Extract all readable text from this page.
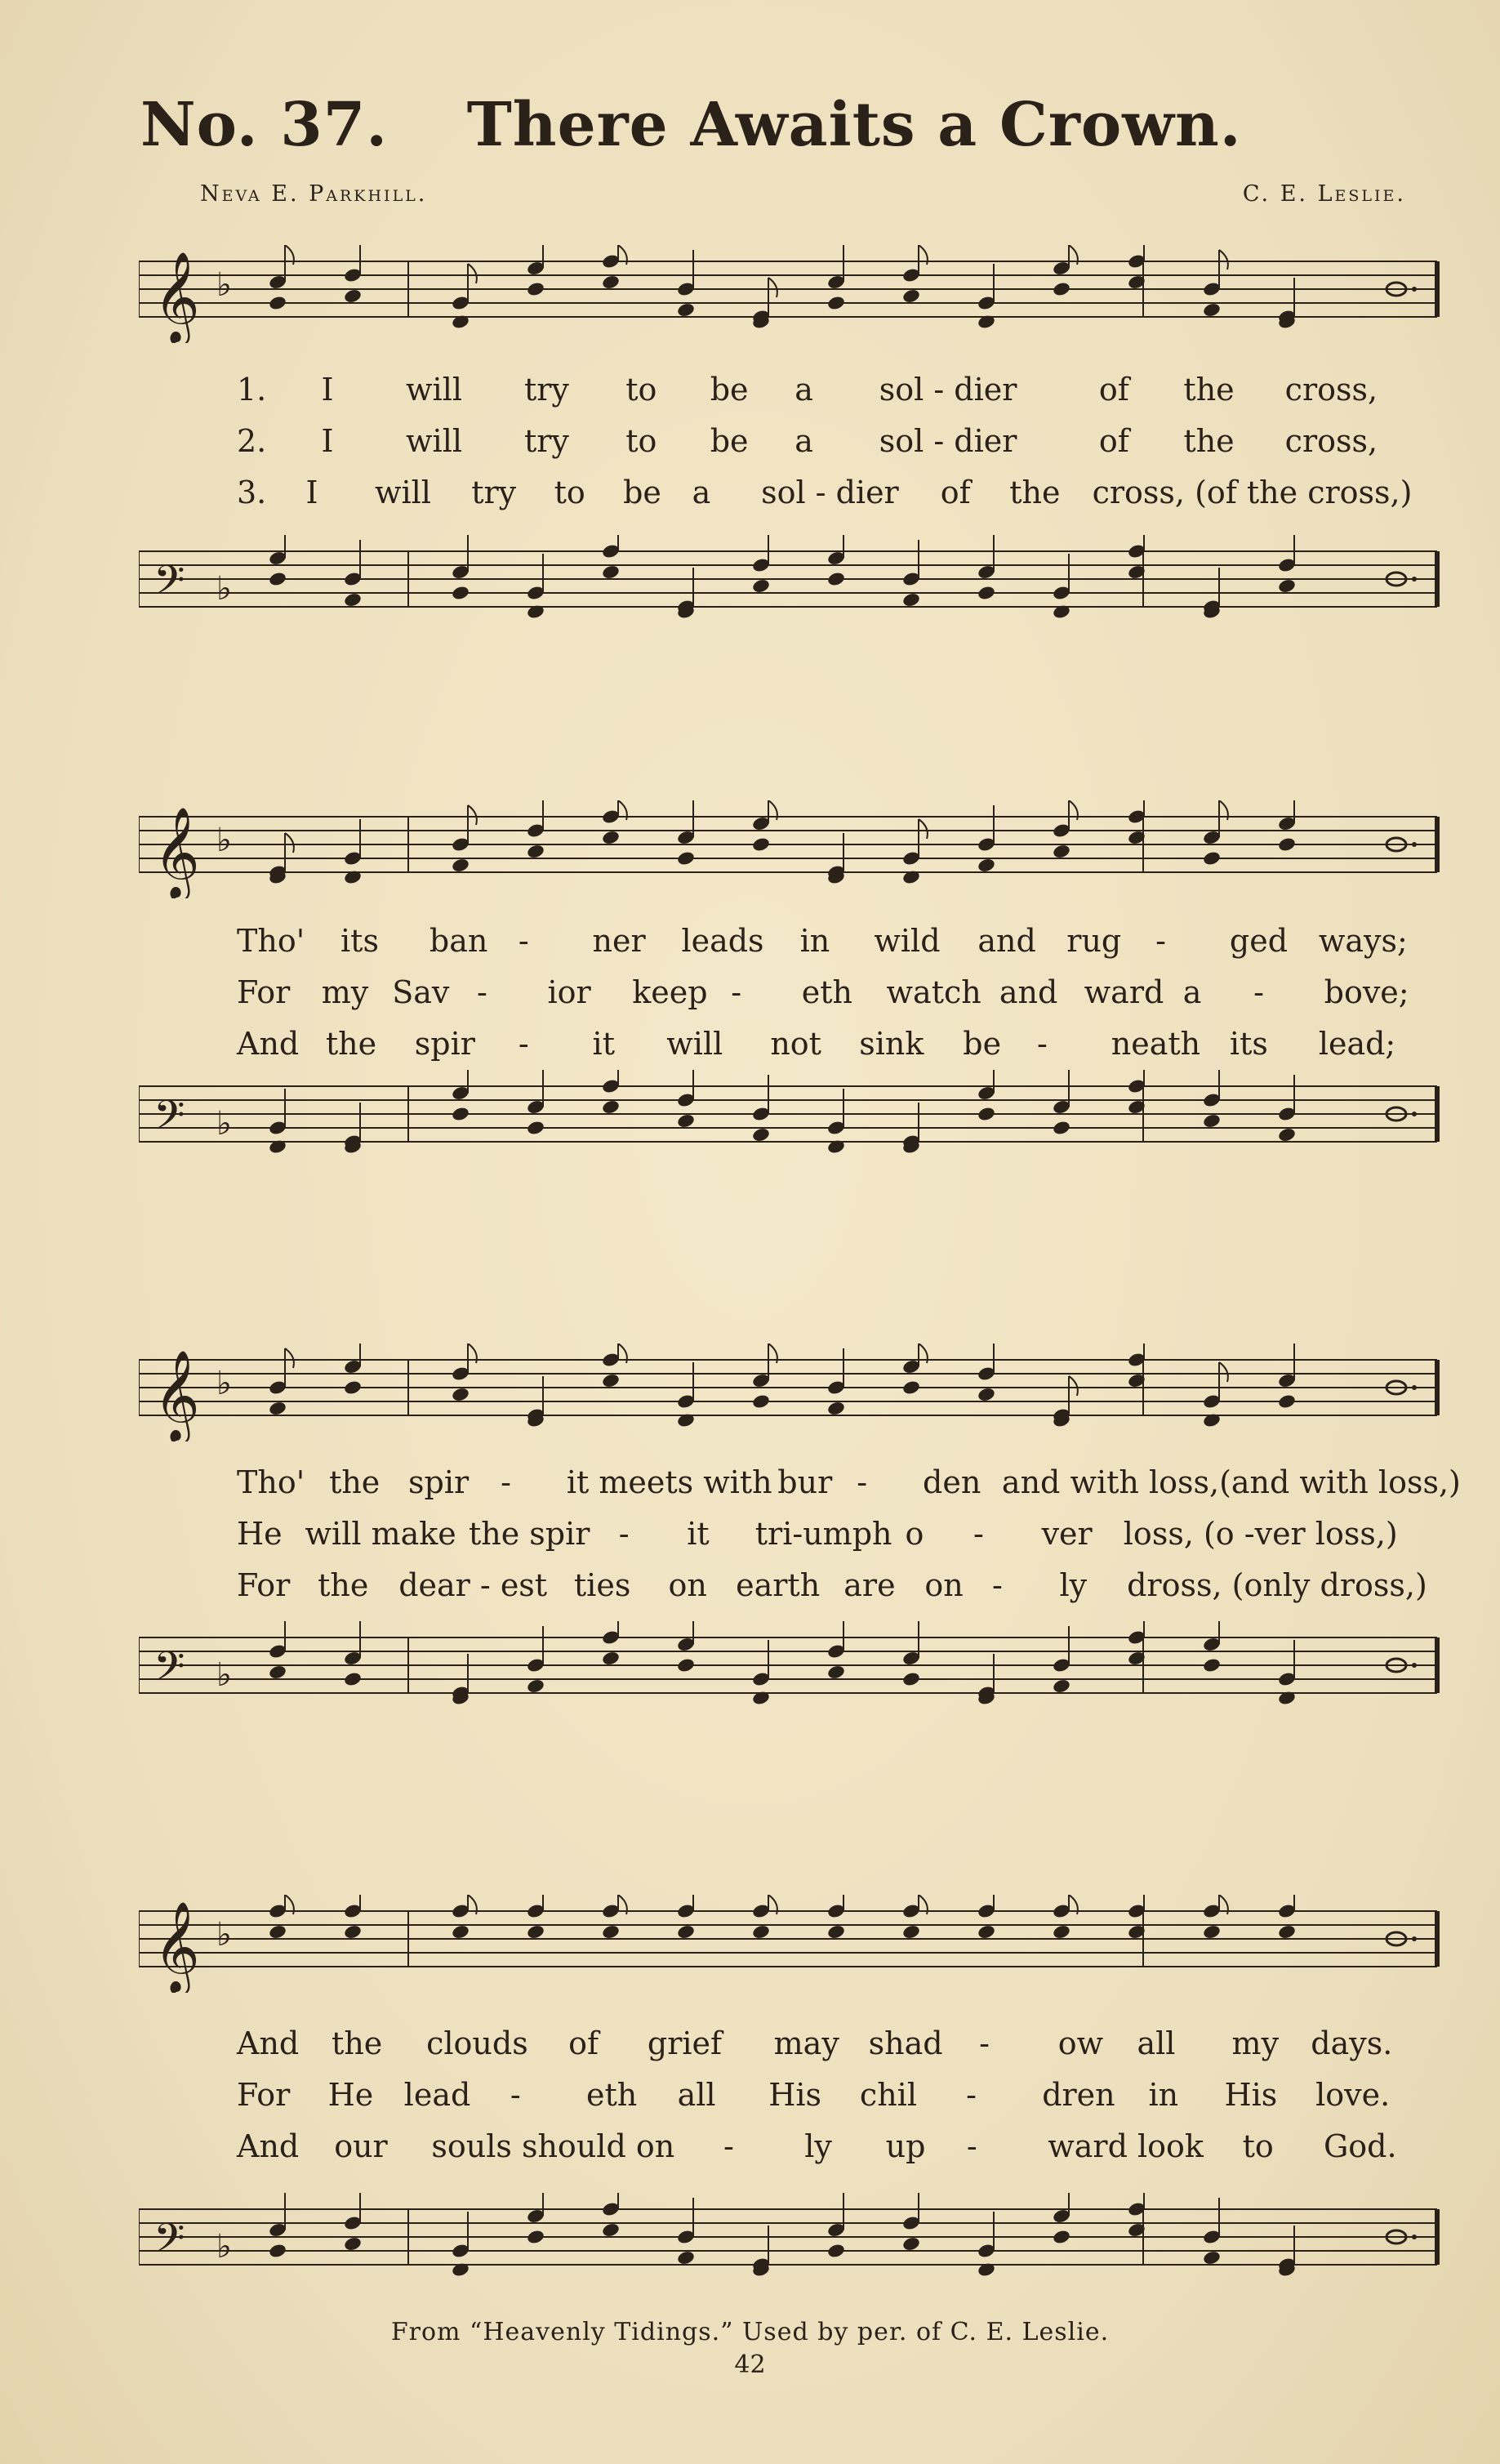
No. 37. There Awaits a Crown.
Neva E. Parkhill.	C. E. Leslie.
𝄞 ♭
1. I will try to be a sol - dier	of the cross,
2. I will try to be a sol - dier	of the cross,
3. I will try to be a sol - dier of the cross, (of the cross,)
𝄢 ♭
𝄞 ♭
Tho' its ban - ner leads in wild and rug - ged ways;
For my Sav - ior keep - eth watch and ward a - bove;
And the spir - it will not sink be - neath its lead;
𝄢 ♭
𝄞 ♭
Tho' the spir - it meets with bur - den and with loss,(and with loss,)
He will make the spir - it tri-umph o - ver loss, (o -ver loss,)
For the dear - est ties on earth are on - ly dross, (only dross,)
𝄢 ♭
𝄞 ♭
And the clouds of grief may shad - ow all my days.
For He lead - eth all His chil - dren in His love.
And our souls should on - ly up - ward look to God.
𝄢 ♭
From “Heavenly Tidings.” Used by per. of C. E. Leslie.
42
